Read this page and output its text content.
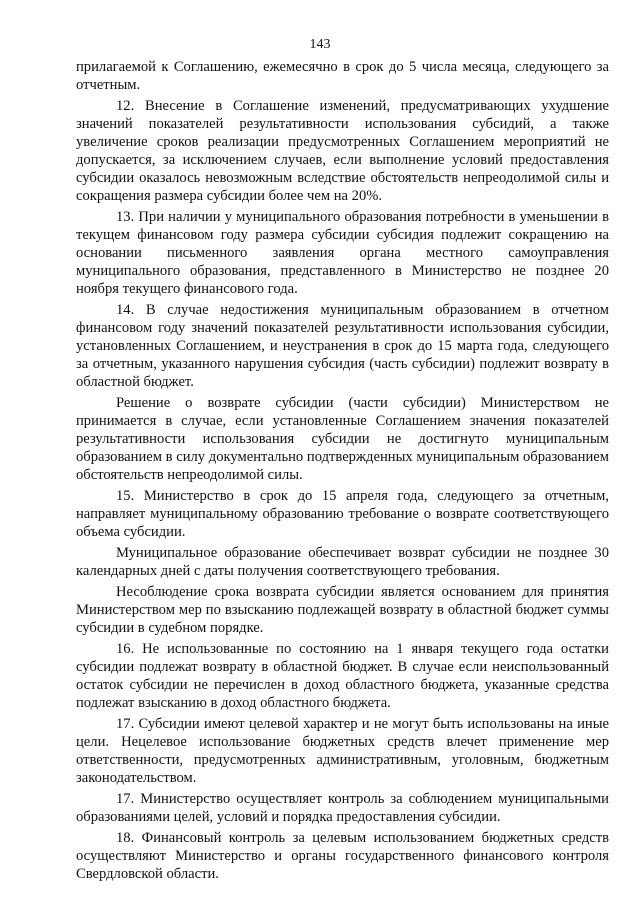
143

прилагаемой к Соглашению, ежемесячно в срок до 5 числа месяца, следующего за отчетным.

12. Внесение в Соглашение изменений, предусматривающих ухудшение значений показателей результативности использования субсидий, а также увеличение сроков реализации предусмотренных Соглашением мероприятий не допускается, за исключением случаев, если выполнение условий предоставления субсидии оказалось невозможным вследствие обстоятельств непреодолимой силы и сокращения размера субсидии более чем на 20%.

13. При наличии у муниципального образования потребности в уменьшении в текущем финансовом году размера субсидии субсидия подлежит сокращению на основании письменного заявления органа местного самоуправления муниципального образования, представленного в Министерство не позднее 20 ноября текущего финансового года.

14. В случае недостижения муниципальным образованием в отчетном финансовом году значений показателей результативности использования субсидии, установленных Соглашением, и неустранения в срок до 15 марта года, следующего за отчетным, указанного нарушения субсидия (часть субсидии) подлежит возврату в областной бюджет.

Решение о возврате субсидии (части субсидии) Министерством не принимается в случае, если установленные Соглашением значения показателей результативности использования субсидии не достигнуто муниципальным образованием в силу документально подтвержденных муниципальным образованием обстоятельств непреодолимой силы.

15. Министерство в срок до 15 апреля года, следующего за отчетным, направляет муниципальному образованию требование о возврате соответствующего объема субсидии.

Муниципальное образование обеспечивает возврат субсидии не позднее 30 календарных дней с даты получения соответствующего требования.

Несоблюдение срока возврата субсидии является основанием для принятия Министерством мер по взысканию подлежащей возврату в областной бюджет суммы субсидии в судебном порядке.

16. Не использованные по состоянию на 1 января текущего года остатки субсидии подлежат возврату в областной бюджет. В случае если неиспользованный остаток субсидии не перечислен в доход областного бюджета, указанные средства подлежат взысканию в доход областного бюджета.

17. Субсидии имеют целевой характер и не могут быть использованы на иные цели. Нецелевое использование бюджетных средств влечет применение мер ответственности, предусмотренных административным, уголовным, бюджетным законодательством.

17. Министерство осуществляет контроль за соблюдением муниципальными образованиями целей, условий и порядка предоставления субсидии.

18. Финансовый контроль за целевым использованием бюджетных средств осуществляют Министерство и органы государственного финансового контроля Свердловской области.
